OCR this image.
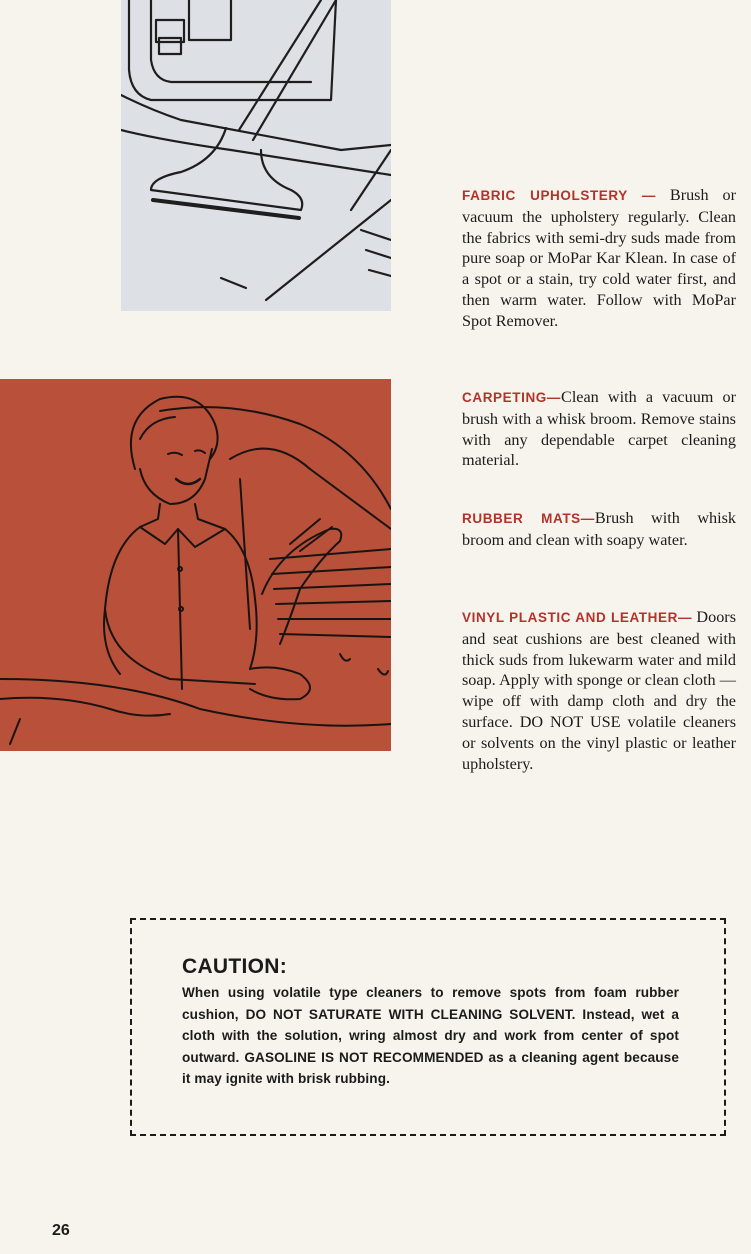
FABRIC UPHOLSTERY — Brush or vacuum the upholstery regularly. Clean the fabrics with semi-dry suds made from pure soap or MoPar Kar Klean. In case of a spot or a stain, try cold water first, and then warm water. Follow with MoPar Spot Remover.

CARPETING—Clean with a vacuum or brush with a whisk broom. Remove stains with any dependable carpet cleaning material.

RUBBER MATS—Brush with whisk broom and clean with soapy water.

VINYL PLASTIC AND LEATHER— Doors and seat cushions are best cleaned with thick suds from lukewarm water and mild soap. Apply with sponge or clean cloth —wipe off with damp cloth and dry the surface. DO NOT USE volatile cleaners or solvents on the vinyl plastic or leather upholstery.

CAUTION:
When using volatile type cleaners to remove spots from foam rubber cushion, DO NOT SATURATE WITH CLEANING SOLVENT. Instead, wet a cloth with the solution, wring almost dry and work from center of spot outward. GASOLINE IS NOT RECOMMENDED as a cleaning agent because it may ignite with brisk rubbing.
26
